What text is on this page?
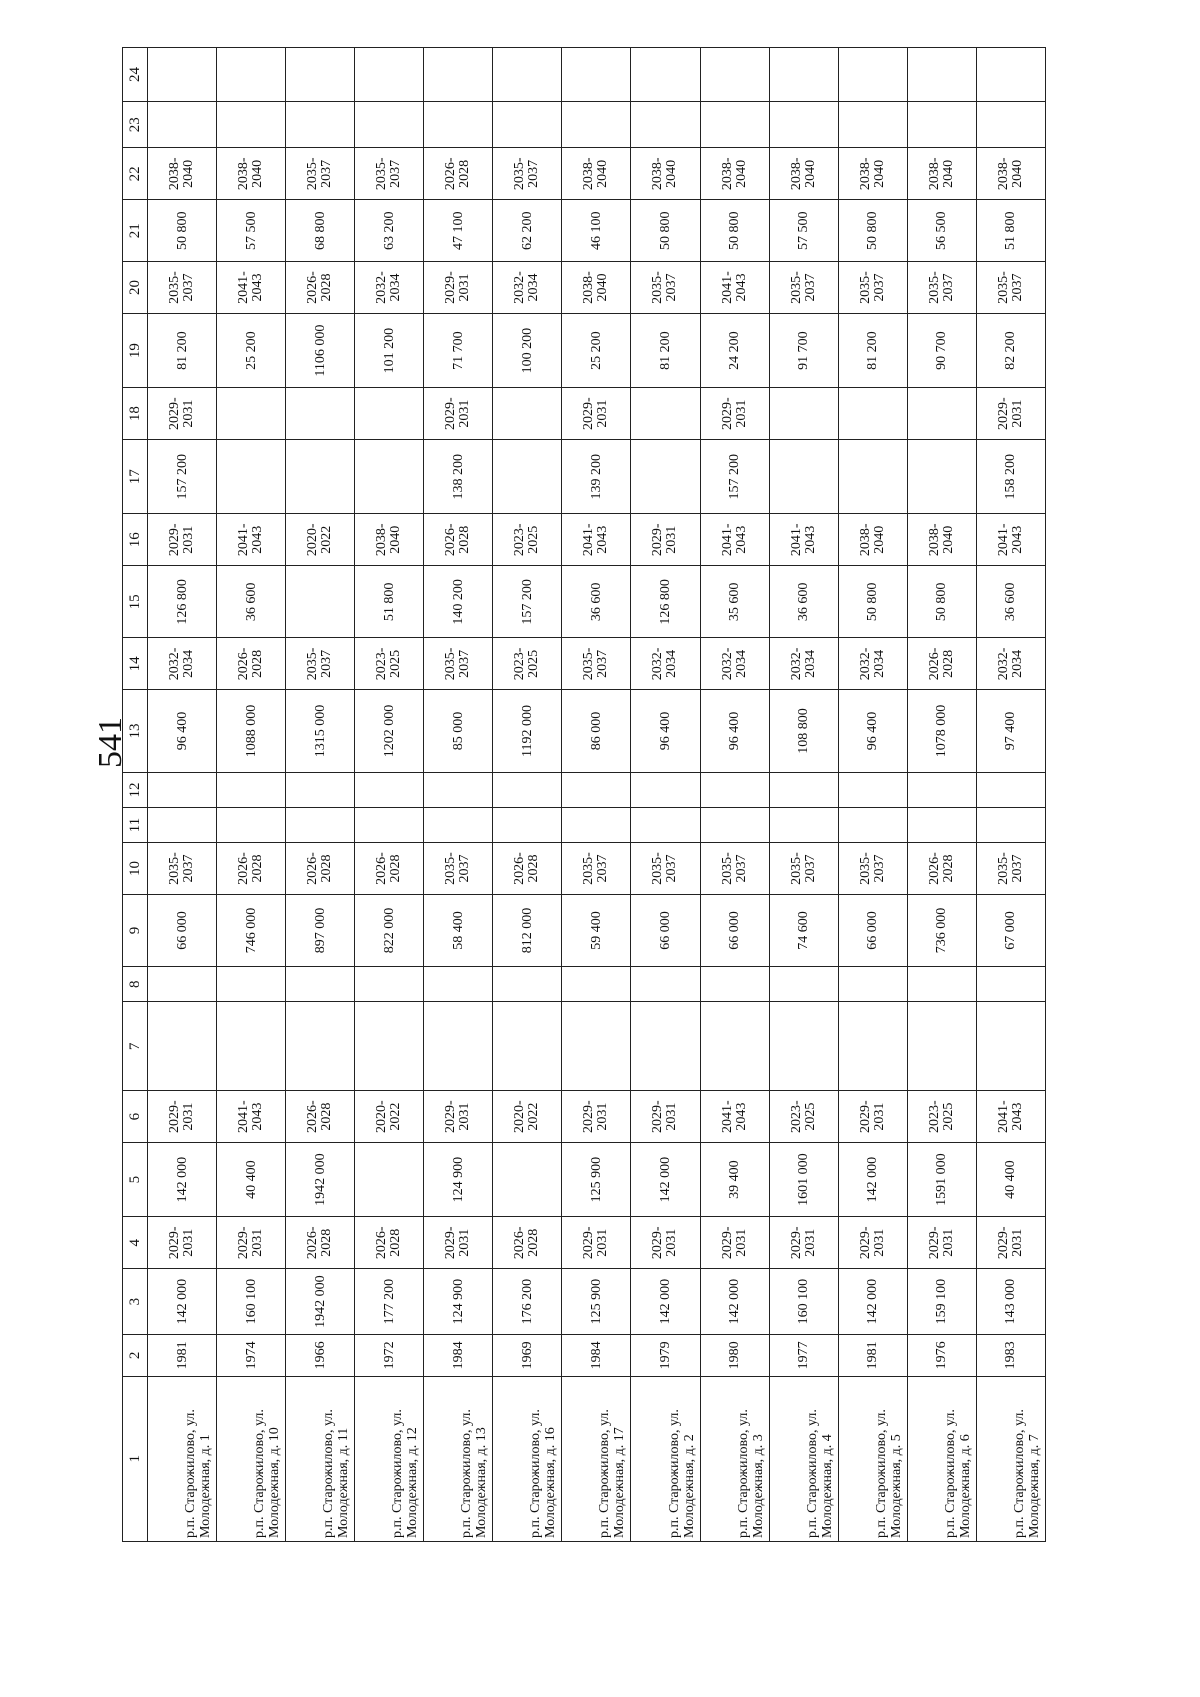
541
1	2	3	4	5	6	7	8	9	10	11	12	13	14	15	16	17	18	19	20	21	22	23	24
р.п. Старожилово, ул. Молодежная, д. 1	1981	142 000	2029-2031	142 000	2029-2031			66 000	2035-2037			96 400	2032-2034	126 800	2029-2031	157 200	2029-2031	81 200	2035-2037	50 800	2038-2040		
р.п. Старожилово, ул. Молодежная, д. 10	1974	160 100	2029-2031	40 400	2041-2043			746 000	2026-2028			1088 000	2026-2028	36 600	2041-2043			25 200	2041-2043	57 500	2038-2040		
р.п. Старожилово, ул. Молодежная, д. 11	1966	1942 000	2026-2028	1942 000	2026-2028			897 000	2026-2028			1315 000	2035-2037		2020-2022			1106 000	2026-2028	68 800	2035-2037		
р.п. Старожилово, ул. Молодежная, д. 12	1972	177 200	2026-2028		2020-2022			822 000	2026-2028			1202 000	2023-2025	51 800	2038-2040			101 200	2032-2034	63 200	2035-2037		
р.п. Старожилово, ул. Молодежная, д. 13	1984	124 900	2029-2031	124 900	2029-2031			58 400	2035-2037			85 000	2035-2037	140 200	2026-2028	138 200	2029-2031	71 700	2029-2031	47 100	2026-2028		
р.п. Старожилово, ул. Молодежная, д. 16	1969	176 200	2026-2028		2020-2022			812 000	2026-2028			1192 000	2023-2025	157 200	2023-2025			100 200	2032-2034	62 200	2035-2037		
р.п. Старожилово, ул. Молодежная, д. 17	1984	125 900	2029-2031	125 900	2029-2031			59 400	2035-2037			86 000	2035-2037	36 600	2041-2043	139 200	2029-2031	25 200	2038-2040	46 100	2038-2040		
р.п. Старожилово, ул. Молодежная, д. 2	1979	142 000	2029-2031	142 000	2029-2031			66 000	2035-2037			96 400	2032-2034	126 800	2029-2031			81 200	2035-2037	50 800	2038-2040		
р.п. Старожилово, ул. Молодежная, д. 3	1980	142 000	2029-2031	39 400	2041-2043			66 000	2035-2037			96 400	2032-2034	35 600	2041-2043	157 200	2029-2031	24 200	2041-2043	50 800	2038-2040		
р.п. Старожилово, ул. Молодежная, д. 4	1977	160 100	2029-2031	1601 000	2023-2025			74 600	2035-2037			108 800	2032-2034	36 600	2041-2043			91 700	2035-2037	57 500	2038-2040		
р.п. Старожилово, ул. Молодежная, д. 5	1981	142 000	2029-2031	142 000	2029-2031			66 000	2035-2037			96 400	2032-2034	50 800	2038-2040			81 200	2035-2037	50 800	2038-2040		
р.п. Старожилово, ул. Молодежная, д. 6	1976	159 100	2029-2031	1591 000	2023-2025			736 000	2026-2028			1078 000	2026-2028	50 800	2038-2040			90 700	2035-2037	56 500	2038-2040		
р.п. Старожилово, ул. Молодежная, д. 7	1983	143 000	2029-2031	40 400	2041-2043			67 000	2035-2037			97 400	2032-2034	36 600	2041-2043	158 200	2029-2031	82 200	2035-2037	51 800	2038-2040		
